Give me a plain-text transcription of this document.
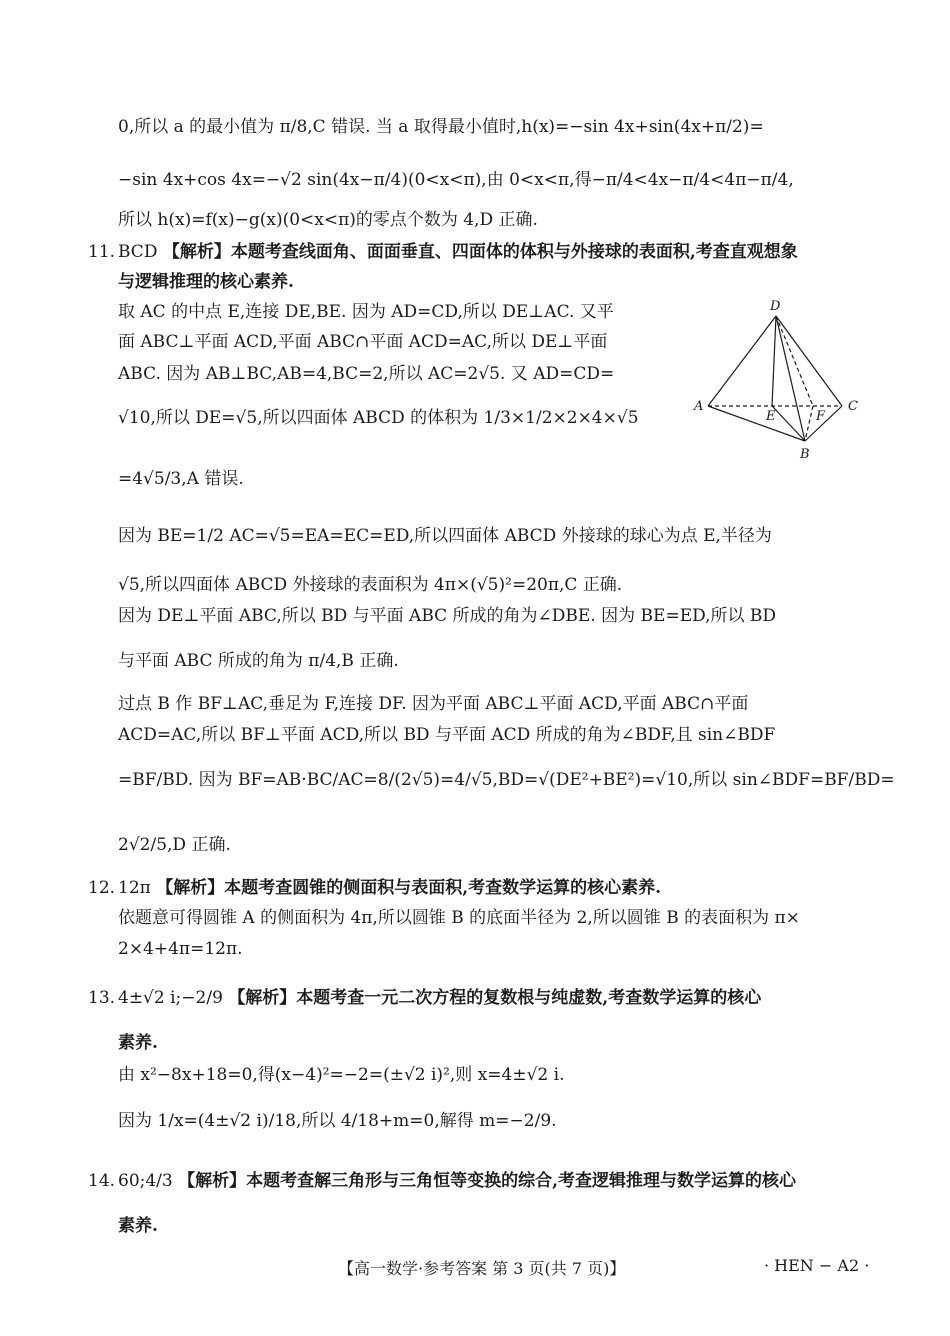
0,所以 a 的最小值为 π/8,C 错误. 当 a 取得最小值时,h(x)=−sin 4x+sin(4x+π/2)=
−sin 4x+cos 4x=−√2 sin(4x−π/4)(0<x<π),由 0<x<π,得−π/4<4x−π/4<4π−π/4,
所以 h(x)=f(x)−g(x)(0<x<π)的零点个数为 4,D 正确.
11. BCD 【解析】本题考查线面角、面面垂直、四面体的体积与外接球的表面积,考查直观想象
与逻辑推理的核心素养.
取 AC 的中点 E,连接 DE,BE. 因为 AD=CD,所以 DE⊥AC. 又平
面 ABC⊥平面 ACD,平面 ABC∩平面 ACD=AC,所以 DE⊥平面
ABC. 因为 AB⊥BC,AB=4,BC=2,所以 AC=2√5. 又 AD=CD=
√10,所以 DE=√5,所以四面体 ABCD 的体积为 1/3×1/2×2×4×√5
=4√5/3,A 错误.
D
A
E	F
C
B
因为 BE=1/2 AC=√5=EA=EC=ED,所以四面体 ABCD 外接球的球心为点 E,半径为
√5,所以四面体 ABCD 外接球的表面积为 4π×(√5)²=20π,C 正确.
因为 DE⊥平面 ABC,所以 BD 与平面 ABC 所成的角为∠DBE. 因为 BE=ED,所以 BD
与平面 ABC 所成的角为 π/4,B 正确.
过点 B 作 BF⊥AC,垂足为 F,连接 DF. 因为平面 ABC⊥平面 ACD,平面 ABC∩平面
ACD=AC,所以 BF⊥平面 ACD,所以 BD 与平面 ACD 所成的角为∠BDF,且 sin∠BDF
=BF/BD. 因为 BF=AB·BC/AC=8/(2√5)=4/√5,BD=√(DE²+BE²)=√10,所以 sin∠BDF=BF/BD=
2√2/5,D 正确.
12. 12π 【解析】本题考查圆锥的侧面积与表面积,考查数学运算的核心素养.
依题意可得圆锥 A 的侧面积为 4π,所以圆锥 B 的底面半径为 2,所以圆锥 B 的表面积为 π×
2×4+4π=12π.
13. 4±√2 i;−2/9 【解析】本题考查一元二次方程的复数根与纯虚数,考查数学运算的核心
素养.
由 x²−8x+18=0,得(x−4)²=−2=(±√2 i)²,则 x=4±√2 i.
因为 1/x=(4±√2 i)/18,所以 4/18+m=0,解得 m=−2/9.
14. 60;4/3 【解析】本题考查解三角形与三角恒等变换的综合,考查逻辑推理与数学运算的核心
【高一数学·参考答案 第 3 页(共 7 页)】	· HEN − A2 ·
素养.
